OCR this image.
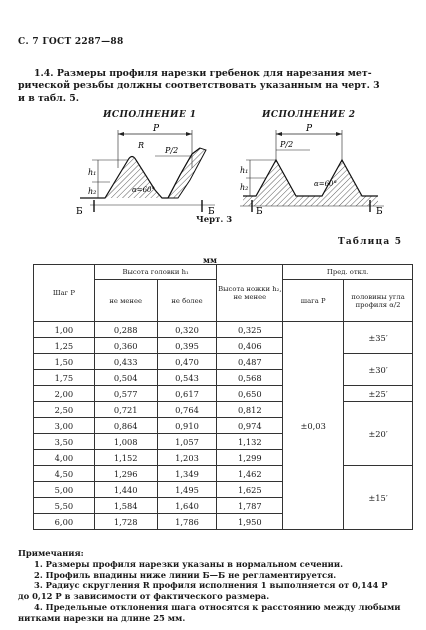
С. 7 ГОСТ 2287—88
1.4. Размеры профиля нарезки гребенок для нарезания мет-
рической резьбы должны соответствовать указанным на черт. 3
и в табл. 5.
ИСПОЛНЕНИЕ 1	ИСПОЛНЕНИЕ 2
P
P/2
R
h₁
h₂	α=60°
Б	Б
P
P/2
h₁
h₂	α=60°
Б	Б
Черт. 3
Таблица 5
мм
Шаг P	Высота головки h₁		Высота ножки h₂, не менее	Пред. откл.	
	не менее	не более		шага P	половины угла профиля α/2
1,00	0,288	0,320	0,325	±0,03	±35′
1,25	0,360	0,395	0,406		
1,50	0,433	0,470	0,487		±30′
1,75	0,504	0,543	0,568		
2,00	0,577	0,617	0,650		±25′
2,50	0,721	0,764	0,812		±20′
3,00	0,864	0,910	0,974		
3,50	1,008	1,057	1,132		
4,00	1,152	1,203	1,299		
4,50	1,296	1,349	1,462		±15′
5,00	1,440	1,495	1,625		
5,50	1,584	1,640	1,787		
6,00	1,728	1,786	1,950		
Примечания:
1. Размеры профиля нарезки указаны в нормальном сечении.
2. Профиль впадины ниже линии Б—Б не регламентируется.
3. Радиус скругления R профиля исполнения 1 выполняется от 0,144 P
до 0,12 P в зависимости от фактического размера.
4. Предельные отклонения шага относятся к расстоянию между любыми
нитками нарезки на длине 25 мм.
